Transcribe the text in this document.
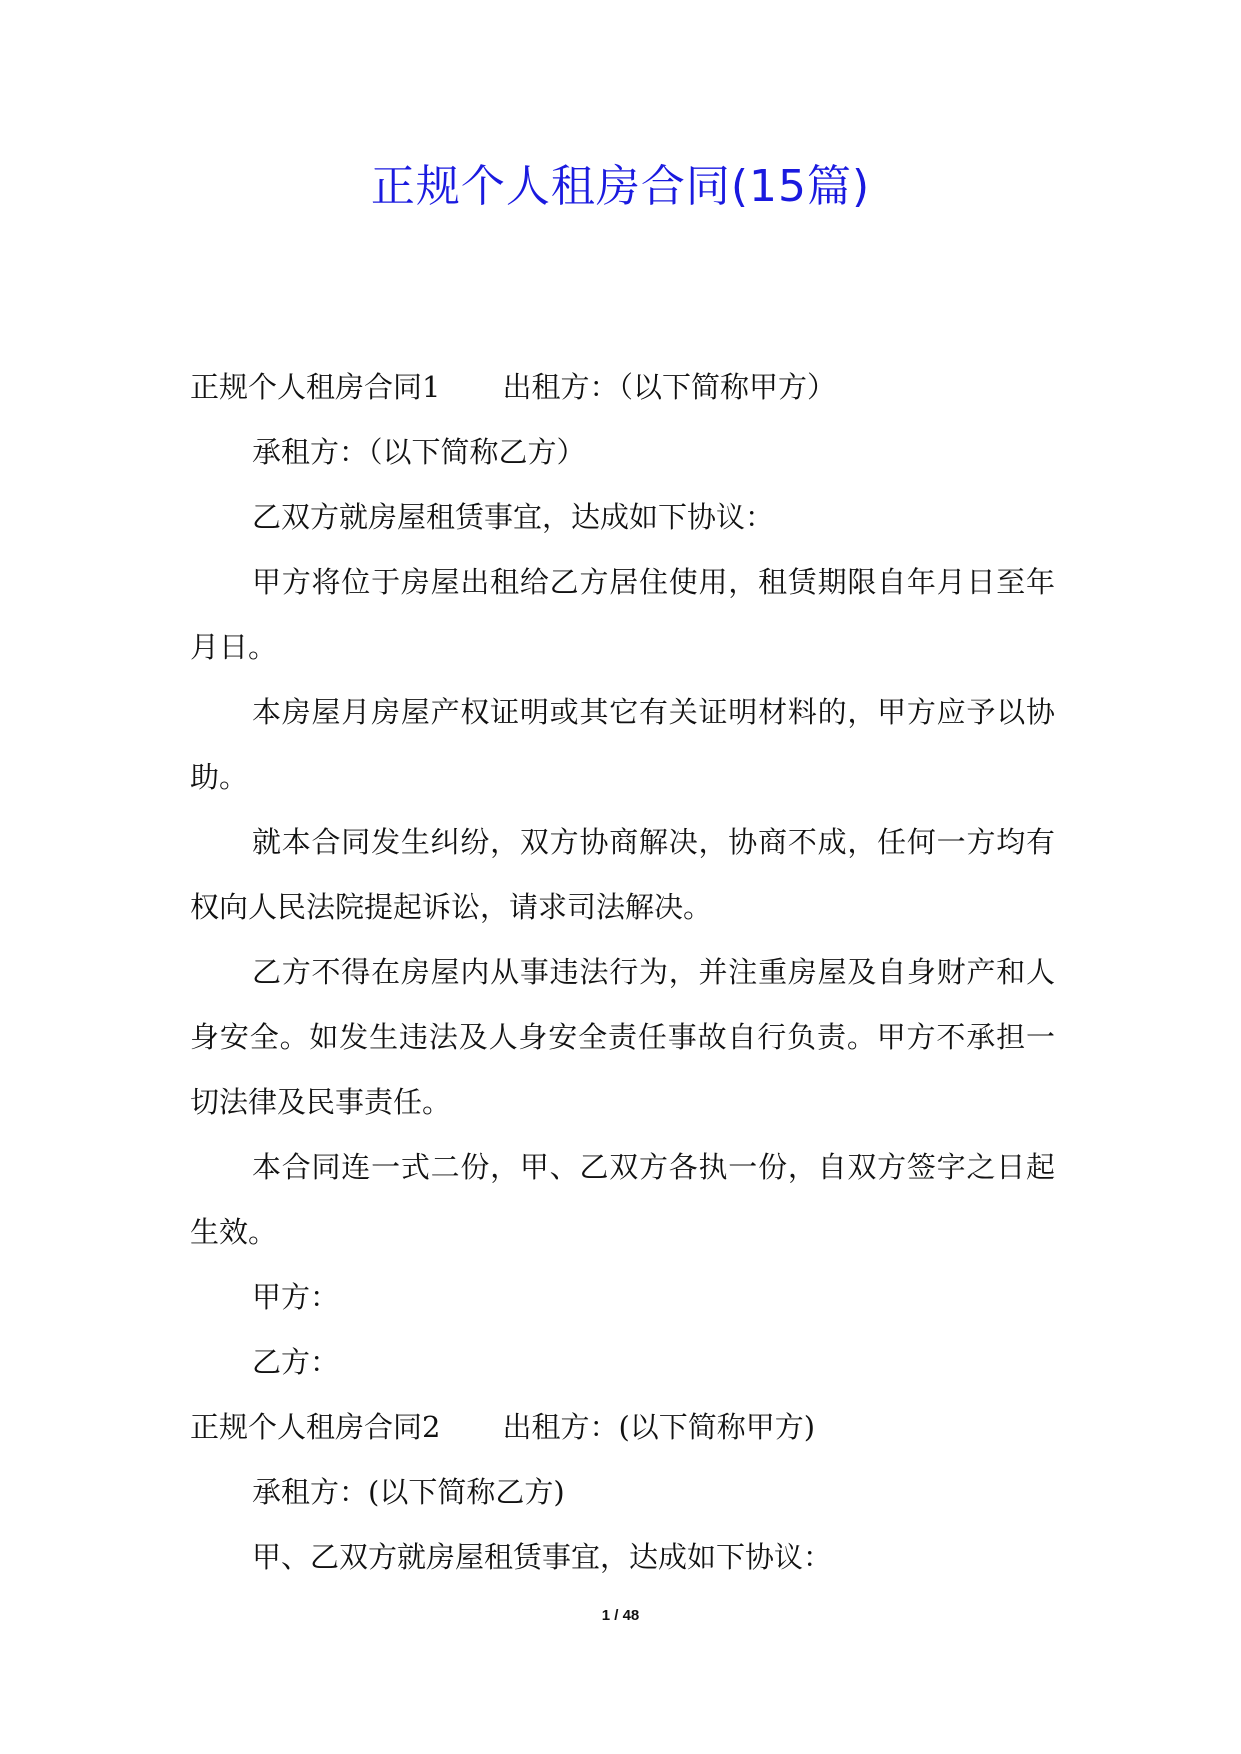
正规个人租房合同(15篇)

正规个人租房合同1 出租方：（以下简称甲方）

承租方：（以下简称乙方）

乙双方就房屋租赁事宜，达成如下协议：

甲方将位于房屋出租给乙方居住使用，租赁期限自年月日至年月日。

本房屋月房屋产权证明或其它有关证明材料的，甲方应予以协助。

就本合同发生纠纷，双方协商解决，协商不成，任何一方均有权向人民法院提起诉讼，请求司法解决。

乙方不得在房屋内从事违法行为，并注重房屋及自身财产和人身安全。如发生违法及人身安全责任事故自行负责。甲方不承担一切法律及民事责任。

本合同连一式二份，甲、乙双方各执一份，自双方签字之日起生效。

甲方：

乙方：

正规个人租房合同2 出租方：(以下简称甲方)

承租方：(以下简称乙方)

甲、乙双方就房屋租赁事宜，达成如下协议：

1 / 48
